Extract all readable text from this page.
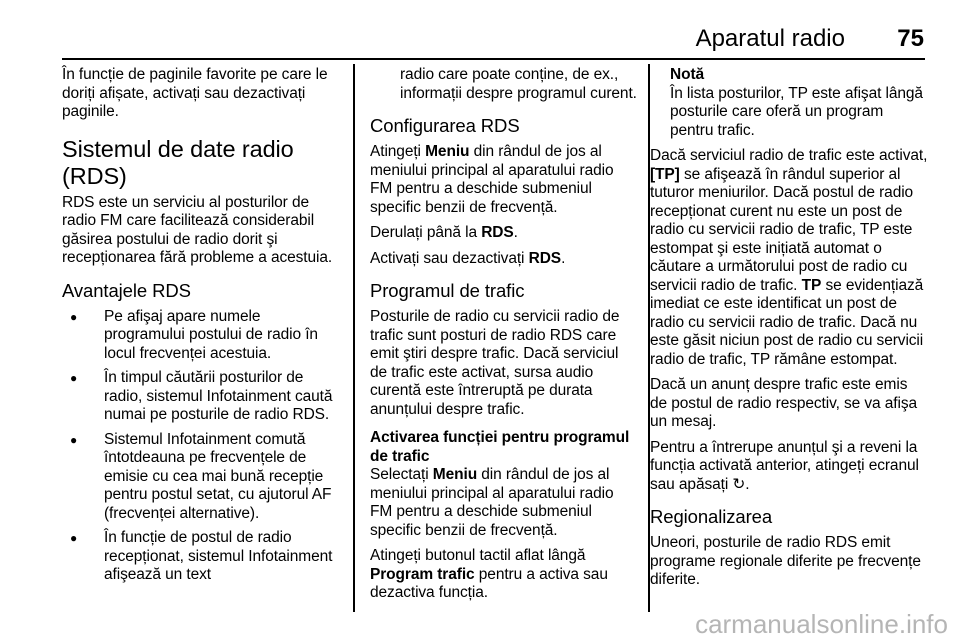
Aparatul radio	75

În funcție de paginile favorite pe care le doriți afișate, activați sau dezactivați paginile.

Sistemul de date radio (RDS)

RDS este un serviciu al posturilor de radio FM care facilitează considerabil găsirea postului de radio dorit şi recepționarea fără probleme a acestuia.

Avantajele RDS
● Pe afişaj apare numele programului postului de radio în locul frecvenței acestuia.
● În timpul căutării posturilor de radio, sistemul Infotainment caută numai pe posturile de radio RDS.
● Sistemul Infotainment comută întotdeauna pe frecvențele de emisie cu cea mai bună recepție pentru postul setat, cu ajutorul AF (frecvenței alternative).
● În funcție de postul de radio recepționat, sistemul Infotainment afişează un text

radio care poate conține, de ex., informații despre programul curent.

Configurarea RDS

Atingeți Meniu din rândul de jos al meniului principal al aparatului radio FM pentru a deschide submeniul specific benzii de frecvență.

Derulați până la RDS.

Activați sau dezactivați RDS.

Programul de trafic

Posturile de radio cu servicii radio de trafic sunt posturi de radio RDS care emit ştiri despre trafic. Dacă serviciul de trafic este activat, sursa audio curentă este întreruptă pe durata anunțului despre trafic.

Activarea funcției pentru programul de trafic

Selectați Meniu din rândul de jos al meniului principal al aparatului radio FM pentru a deschide submeniul specific benzii de frecvență.

Atingeți butonul tactil aflat lângă Program trafic pentru a activa sau dezactiva funcția.

Notă

În lista posturilor, TP este afişat lângă posturile care oferă un program pentru trafic.

Dacă serviciul radio de trafic este activat, [TP] se afişează în rândul superior al tuturor meniurilor. Dacă postul de radio recepționat curent nu este un post de radio cu servicii radio de trafic, TP este estompat şi este inițiată automat o căutare a următorului post de radio cu servicii radio de trafic. TP se evidențiază imediat ce este identificat un post de radio cu servicii radio de trafic. Dacă nu este găsit niciun post de radio cu servicii radio de trafic, TP rămâne estompat.

Dacă un anunț despre trafic este emis de postul de radio respectiv, se va afişa un mesaj.

Pentru a întrerupe anunțul şi a reveni la funcția activată anterior, atingeți ecranul sau apăsați ↻.

Regionalizarea

Uneori, posturile de radio RDS emit programe regionale diferite pe frecvențe diferite.

carmanualsonline.info
